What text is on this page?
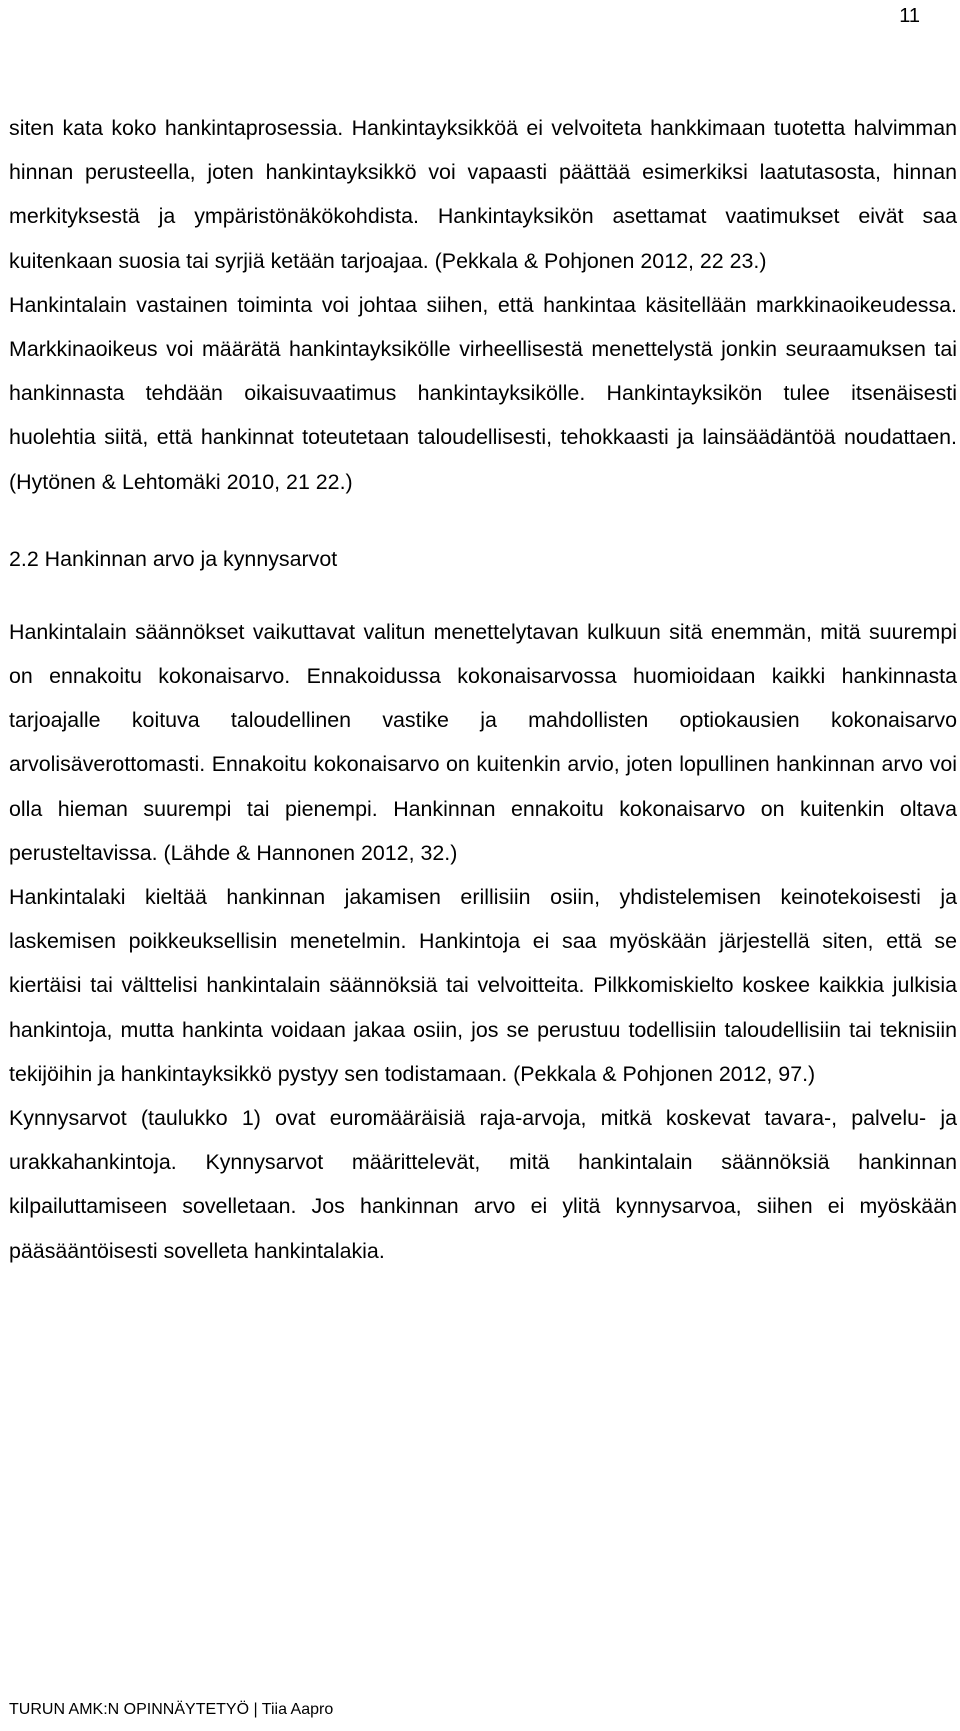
11

siten kata koko hankintaprosessia. Hankintayksikköä ei velvoiteta hankkimaan tuotetta halvimman hinnan perusteella, joten hankintayksikkö voi vapaasti päättää esimerkiksi laatutasosta, hinnan merkityksestä ja ympäristönäkökohdista. Hankintayksikön asettamat vaatimukset eivät saa kuitenkaan suosia tai syrjiä ketään tarjoajaa. (Pekkala & Pohjonen 2012, 22 23.)

Hankintalain vastainen toiminta voi johtaa siihen, että hankintaa käsitellään markkinaoikeudessa. Markkinaoikeus voi määrätä hankintayksikölle virheellisestä menettelystä jonkin seuraamuksen tai hankinnasta tehdään oikaisuvaatimus hankintayksikölle. Hankintayksikön tulee itsenäisesti huolehtia siitä, että hankinnat toteutetaan taloudellisesti, tehokkaasti ja lainsäädäntöä noudattaen. (Hytönen & Lehtomäki 2010, 21 22.)

2.2 Hankinnan arvo ja kynnysarvot

Hankintalain säännökset vaikuttavat valitun menettelytavan kulkuun sitä enemmän, mitä suurempi on ennakoitu kokonaisarvo. Ennakoidussa kokonaisarvossa huomioidaan kaikki hankinnasta tarjoajalle koituva taloudellinen vastike ja mahdollisten optiokausien kokonaisarvo arvolisäverottomasti. Ennakoitu kokonaisarvo on kuitenkin arvio, joten lopullinen hankinnan arvo voi olla hieman suurempi tai pienempi. Hankinnan ennakoitu kokonaisarvo on kuitenkin oltava perusteltavissa. (Lähde & Hannonen 2012, 32.)

Hankintalaki kieltää hankinnan jakamisen erillisiin osiin, yhdistelemisen keinotekoisesti ja laskemisen poikkeuksellisin menetelmin. Hankintoja ei saa myöskään järjestellä siten, että se kiertäisi tai välttelisi hankintalain säännöksiä tai velvoitteita. Pilkkomiskielto koskee kaikkia julkisia hankintoja, mutta hankinta voidaan jakaa osiin, jos se perustuu todellisiin taloudellisiin tai teknisiin tekijöihin ja hankintayksikkö pystyy sen todistamaan. (Pekkala & Pohjonen 2012, 97.)

Kynnysarvot (taulukko 1) ovat euromääräisiä raja-arvoja, mitkä koskevat tavara-, palvelu- ja urakkahankintoja. Kynnysarvot määrittelevät, mitä hankintalain säännöksiä hankinnan kilpailuttamiseen sovelletaan. Jos hankinnan arvo ei ylitä kynnysarvoa, siihen ei myöskään pääsääntöisesti sovelleta hankintalakia.

TURUN AMK:N OPINNÄYTETYÖ | Tiia Aapro
